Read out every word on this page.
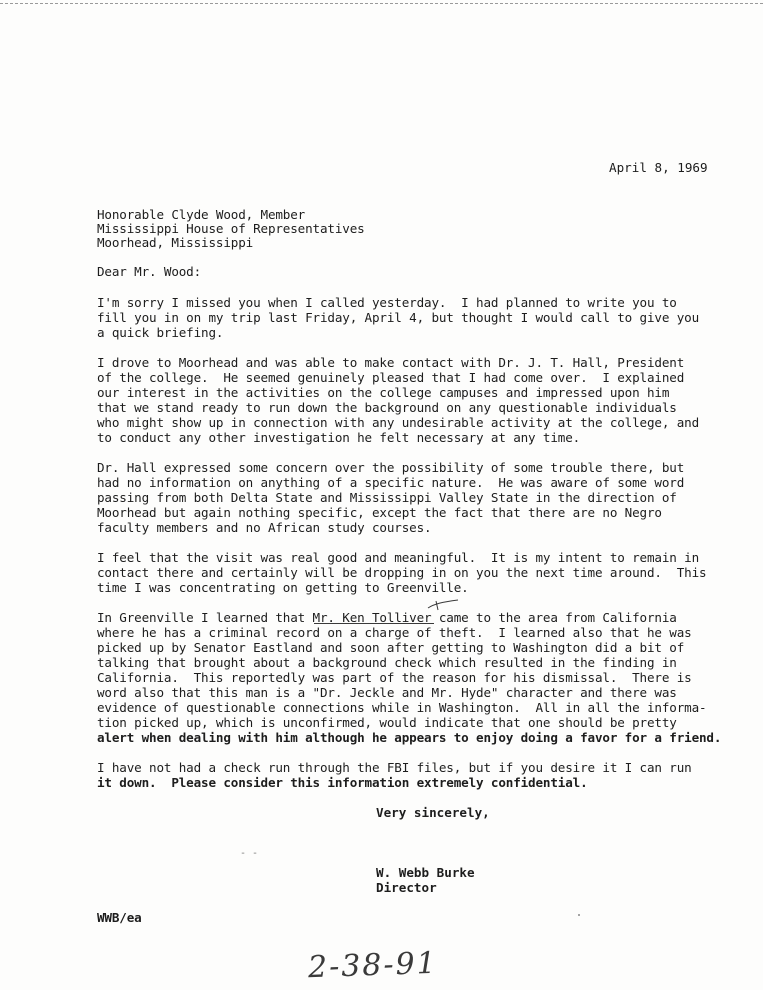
April 8, 1969
Honorable Clyde Wood, Member
Mississippi House of Representatives
Moorhead, Mississippi
Dear Mr. Wood:
I'm sorry I missed you when I called yesterday.  I had planned to write you to
fill you in on my trip last Friday, April 4, but thought I would call to give you
a quick briefing.
I drove to Moorhead and was able to make contact with Dr. J. T. Hall, President
of the college.  He seemed genuinely pleased that I had come over.  I explained
our interest in the activities on the college campuses and impressed upon him
that we stand ready to run down the background on any questionable individuals
who might show up in connection with any undesirable activity at the college, and
to conduct any other investigation he felt necessary at any time.
Dr. Hall expressed some concern over the possibility of some trouble there, but
had no information on anything of a specific nature.  He was aware of some word
passing from both Delta State and Mississippi Valley State in the direction of
Moorhead but again nothing specific, except the fact that there are no Negro
faculty members and no African study courses.
I feel that the visit was real good and meaningful.  It is my intent to remain in
contact there and certainly will be dropping in on you the next time around.  This
time I was concentrating on getting to Greenville.
In Greenville I learned that Mr. Ken Tolliver came to the area from California
where he has a criminal record on a charge of theft.  I learned also that he was
picked up by Senator Eastland and soon after getting to Washington did a bit of
talking that brought about a background check which resulted in the finding in
California.  This reportedly was part of the reason for his dismissal.  There is
word also that this man is a "Dr. Jeckle and Mr. Hyde" character and there was
evidence of questionable connections while in Washington.  All in all the informa-
tion picked up, which is unconfirmed, would indicate that one should be pretty
alert when dealing with him although he appears to enjoy doing a favor for a friend.
I have not had a check run through the FBI files, but if you desire it I can run
it down.  Please consider this information extremely confidential.
Very sincerely,
- -
W. Webb Burke
Director
WWB/ea
2-38-91
